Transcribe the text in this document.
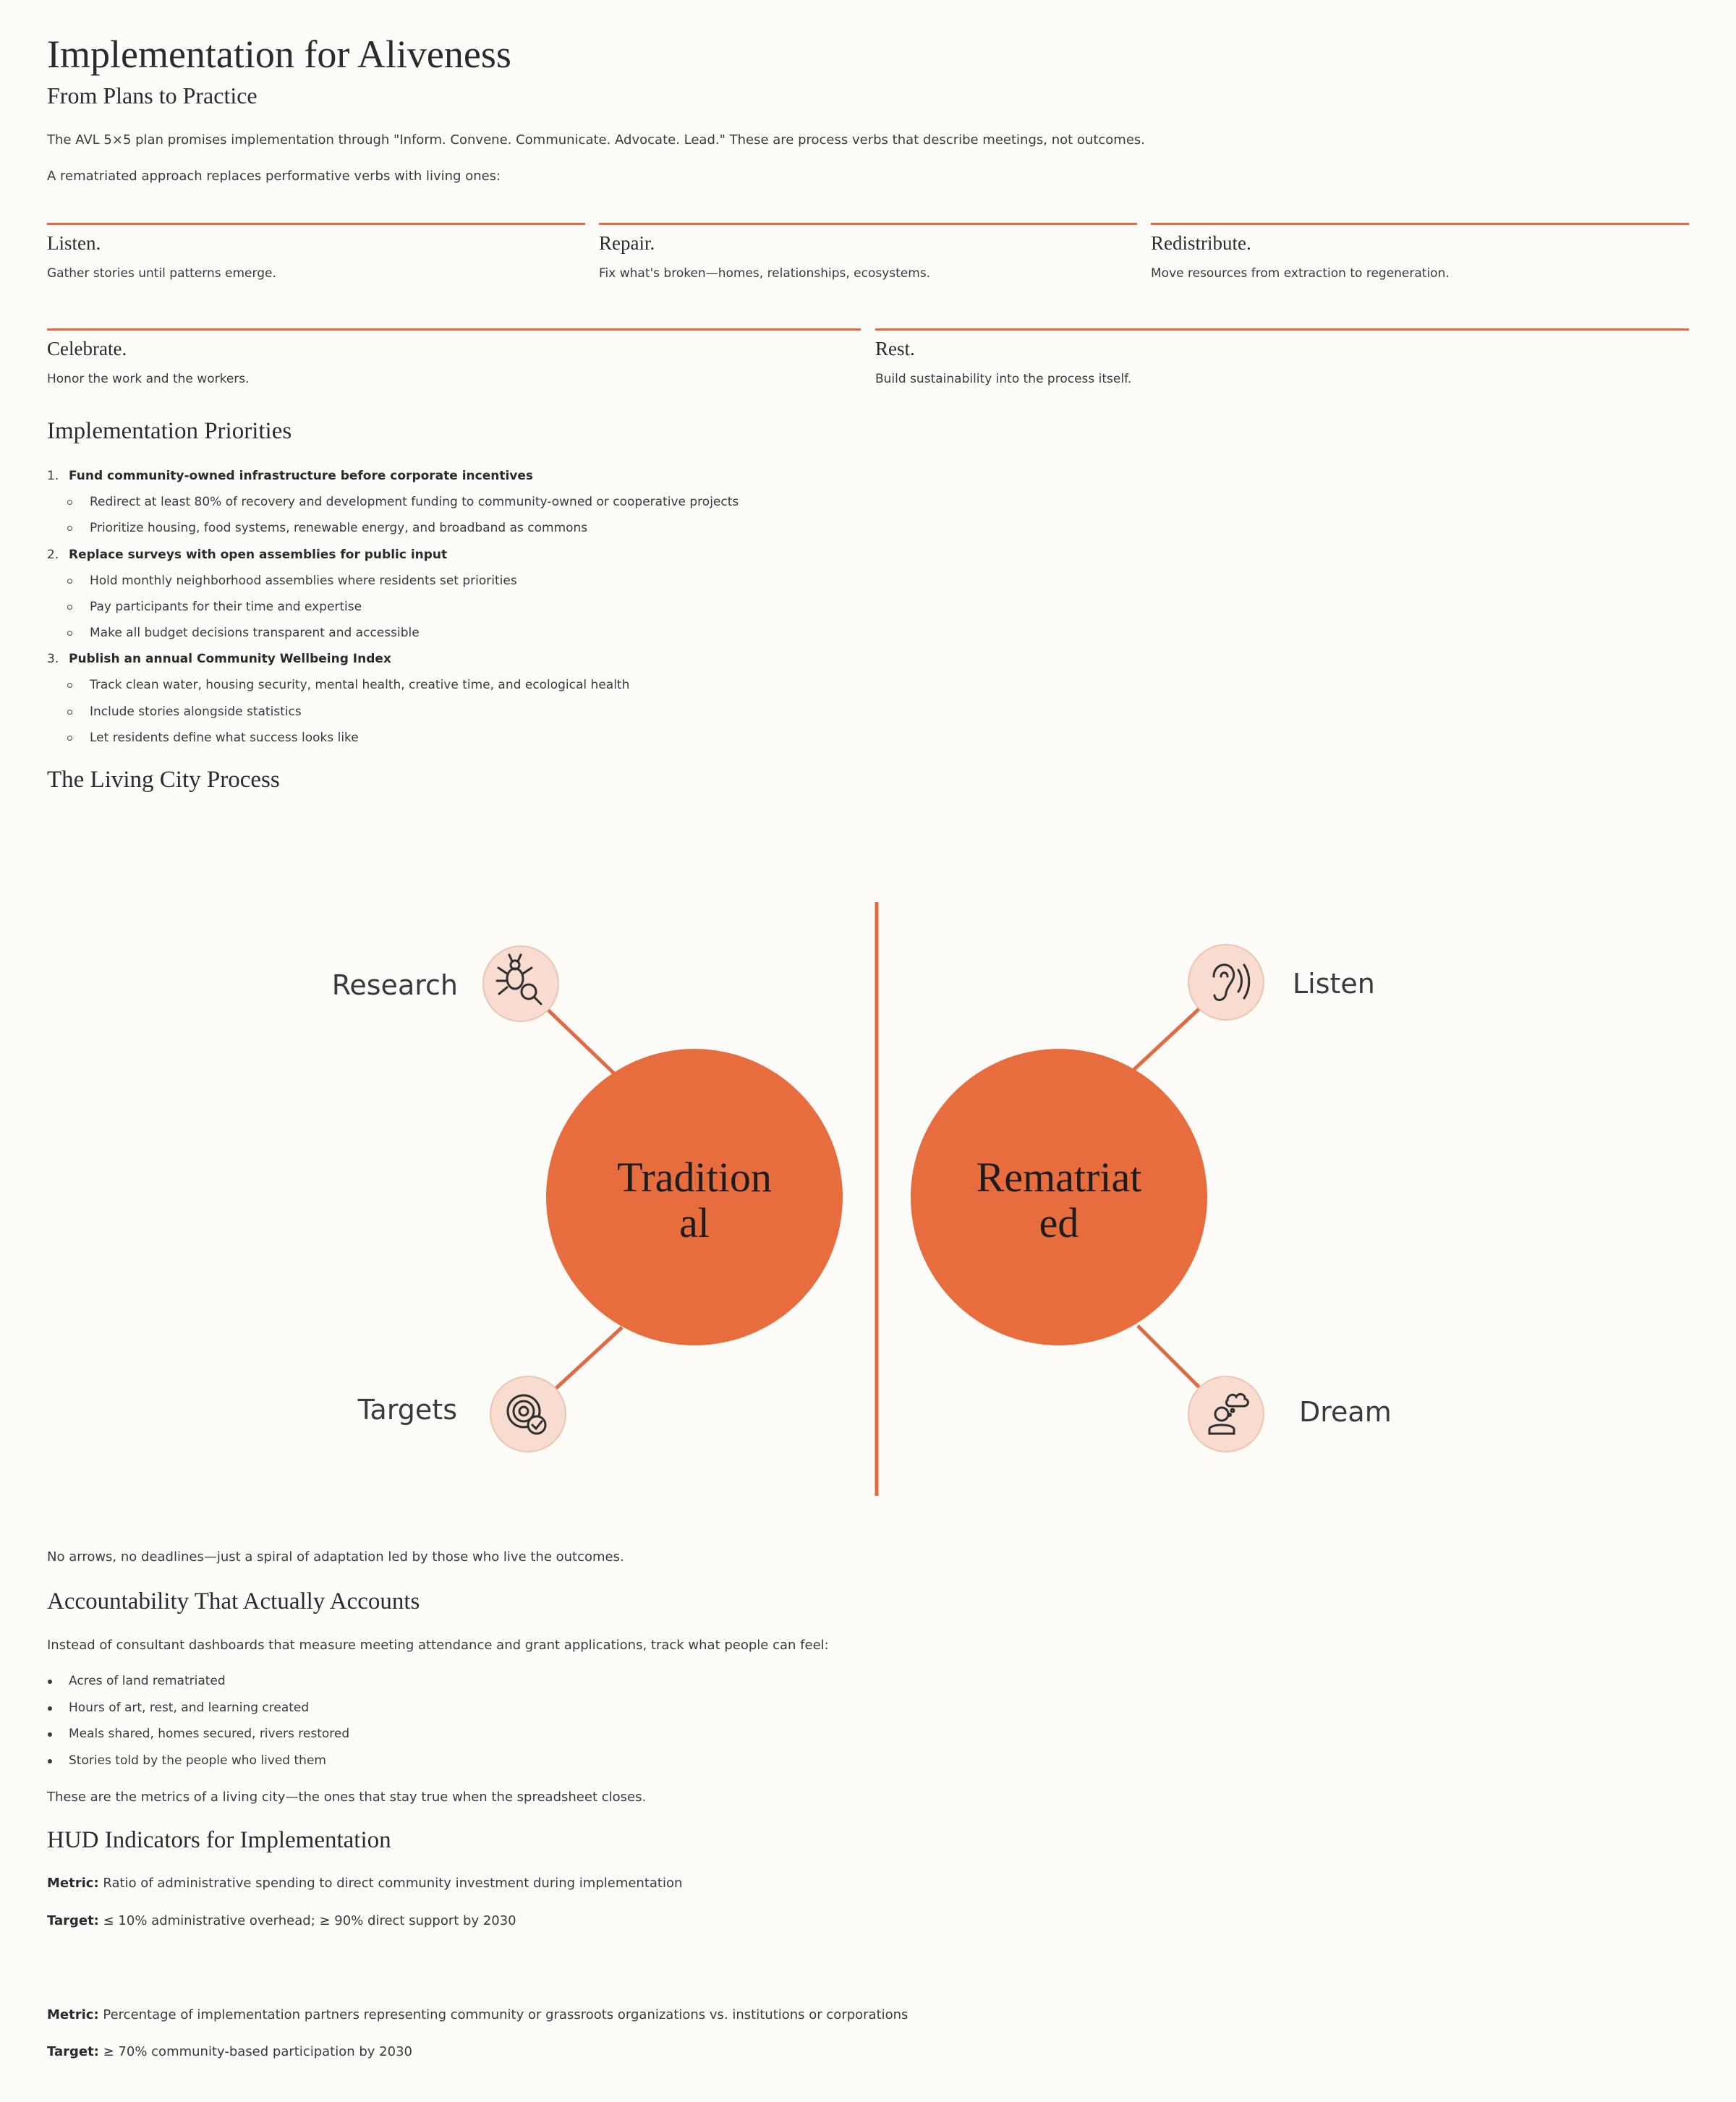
Implementation for Aliveness
From Plans to Practice

The AVL 5×5 plan promises implementation through "Inform. Convene. Communicate. Advocate. Lead." These are process verbs that describe meetings, not outcomes.

A rematriated approach replaces performative verbs with living ones:

Listen.
Gather stories until patterns emerge.
Repair.
Fix what's broken—homes, relationships, ecosystems.
Redistribute.
Move resources from extraction to regeneration.
Celebrate.
Honor the work and the workers.
Rest.
Build sustainability into the process itself.
Implementation Priorities
1. Fund community-owned infrastructure before corporate incentives
Redirect at least 80% of recovery and development funding to community-owned or cooperative projects
Prioritize housing, food systems, renewable energy, and broadband as commons
2. Replace surveys with open assemblies for public input
Hold monthly neighborhood assemblies where residents set priorities
Pay participants for their time and expertise
Make all budget decisions transparent and accessible
3. Publish an annual Community Wellbeing Index
Track clean water, housing security, mental health, creative time, and ecological health
Include stories alongside statistics
Let residents define what success looks like
The Living City Process

No arrows, no deadlines—just a spiral of adaptation led by those who live the outcomes.

Accountability That Actually Accounts

Instead of consultant dashboards that measure meeting attendance and grant applications, track what people can feel:

Acres of land rematriated
Hours of art, rest, and learning created
Meals shared, homes secured, rivers restored
Stories told by the people who lived them

These are the metrics of a living city—the ones that stay true when the spreadsheet closes.

HUD Indicators for Implementation
Metric: Ratio of administrative spending to direct community investment during implementation
Target: ≤ 10% administrative overhead; ≥ 90% direct support by 2030
Metric: Percentage of implementation partners representing community or grassroots organizations vs. institutions or corporations
Target: ≥ 70% community-based participation by 2030
Tradition
al
Rematriat
ed
Research
Targets
Listen
Dream
